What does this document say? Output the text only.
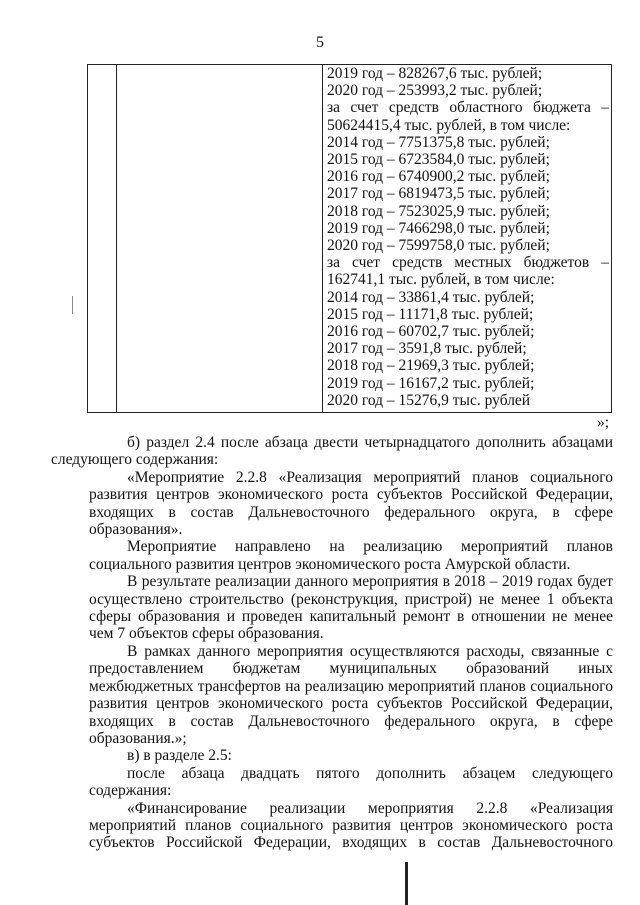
5

2019 год – 828267,6 тыс. рублей;
2020 год – 253993,2 тыс. рублей;
за счет средств областного бюджета –
50624415,4 тыс. рублей, в том числе:
2014 год – 7751375,8 тыс. рублей;
2015 год – 6723584,0 тыс. рублей;
2016 год – 6740900,2 тыс. рублей;
2017 год – 6819473,5 тыс. рублей;
2018 год – 7523025,9 тыс. рублей;
2019 год – 7466298,0 тыс. рублей;
2020 год – 7599758,0 тыс. рублей;
за счет средств местных бюджетов –
162741,1 тыс. рублей, в том числе:
2014 год – 33861,4 тыс. рублей;
2015 год – 11171,8 тыс. рублей;
2016 год – 60702,7 тыс. рублей;
2017 год – 3591,8 тыс. рублей;
2018 год – 21969,3 тыс. рублей;
2019 год – 16167,2 тыс. рублей;
2020 год – 15276,9 тыс. рублей
»;

б) раздел 2.4 после абзаца двести четырнадцатого дополнить абзацами
следующего содержания:

«Мероприятие 2.2.8 «Реализация мероприятий планов социального развития центров экономического роста субъектов Российской Федерации, входящих в состав Дальневосточного федерального округа, в сфере образования».

Мероприятие направлено на реализацию мероприятий планов социального развития центров экономического роста Амурской области.

В результате реализации данного мероприятия в 2018 – 2019 годах будет осуществлено строительство (реконструкция, пристрой) не менее 1 объекта сферы образования и проведен капитальный ремонт в отношении не менее чем 7 объектов сферы образования.

В рамках данного мероприятия осуществляются расходы, связанные с предоставлением бюджетам муниципальных образований иных межбюджетных трансфертов на реализацию мероприятий планов социального развития центров экономического роста субъектов Российской Федерации, входящих в состав Дальневосточного федерального округа, в сфере образования.»;

в) в разделе 2.5:

после абзаца двадцать пятого дополнить абзацем следующего содержания:

«Финансирование реализации мероприятия 2.2.8 «Реализация мероприятий планов социального развития центров экономического роста субъектов Российской Федерации, входящих в состав Дальневосточного
